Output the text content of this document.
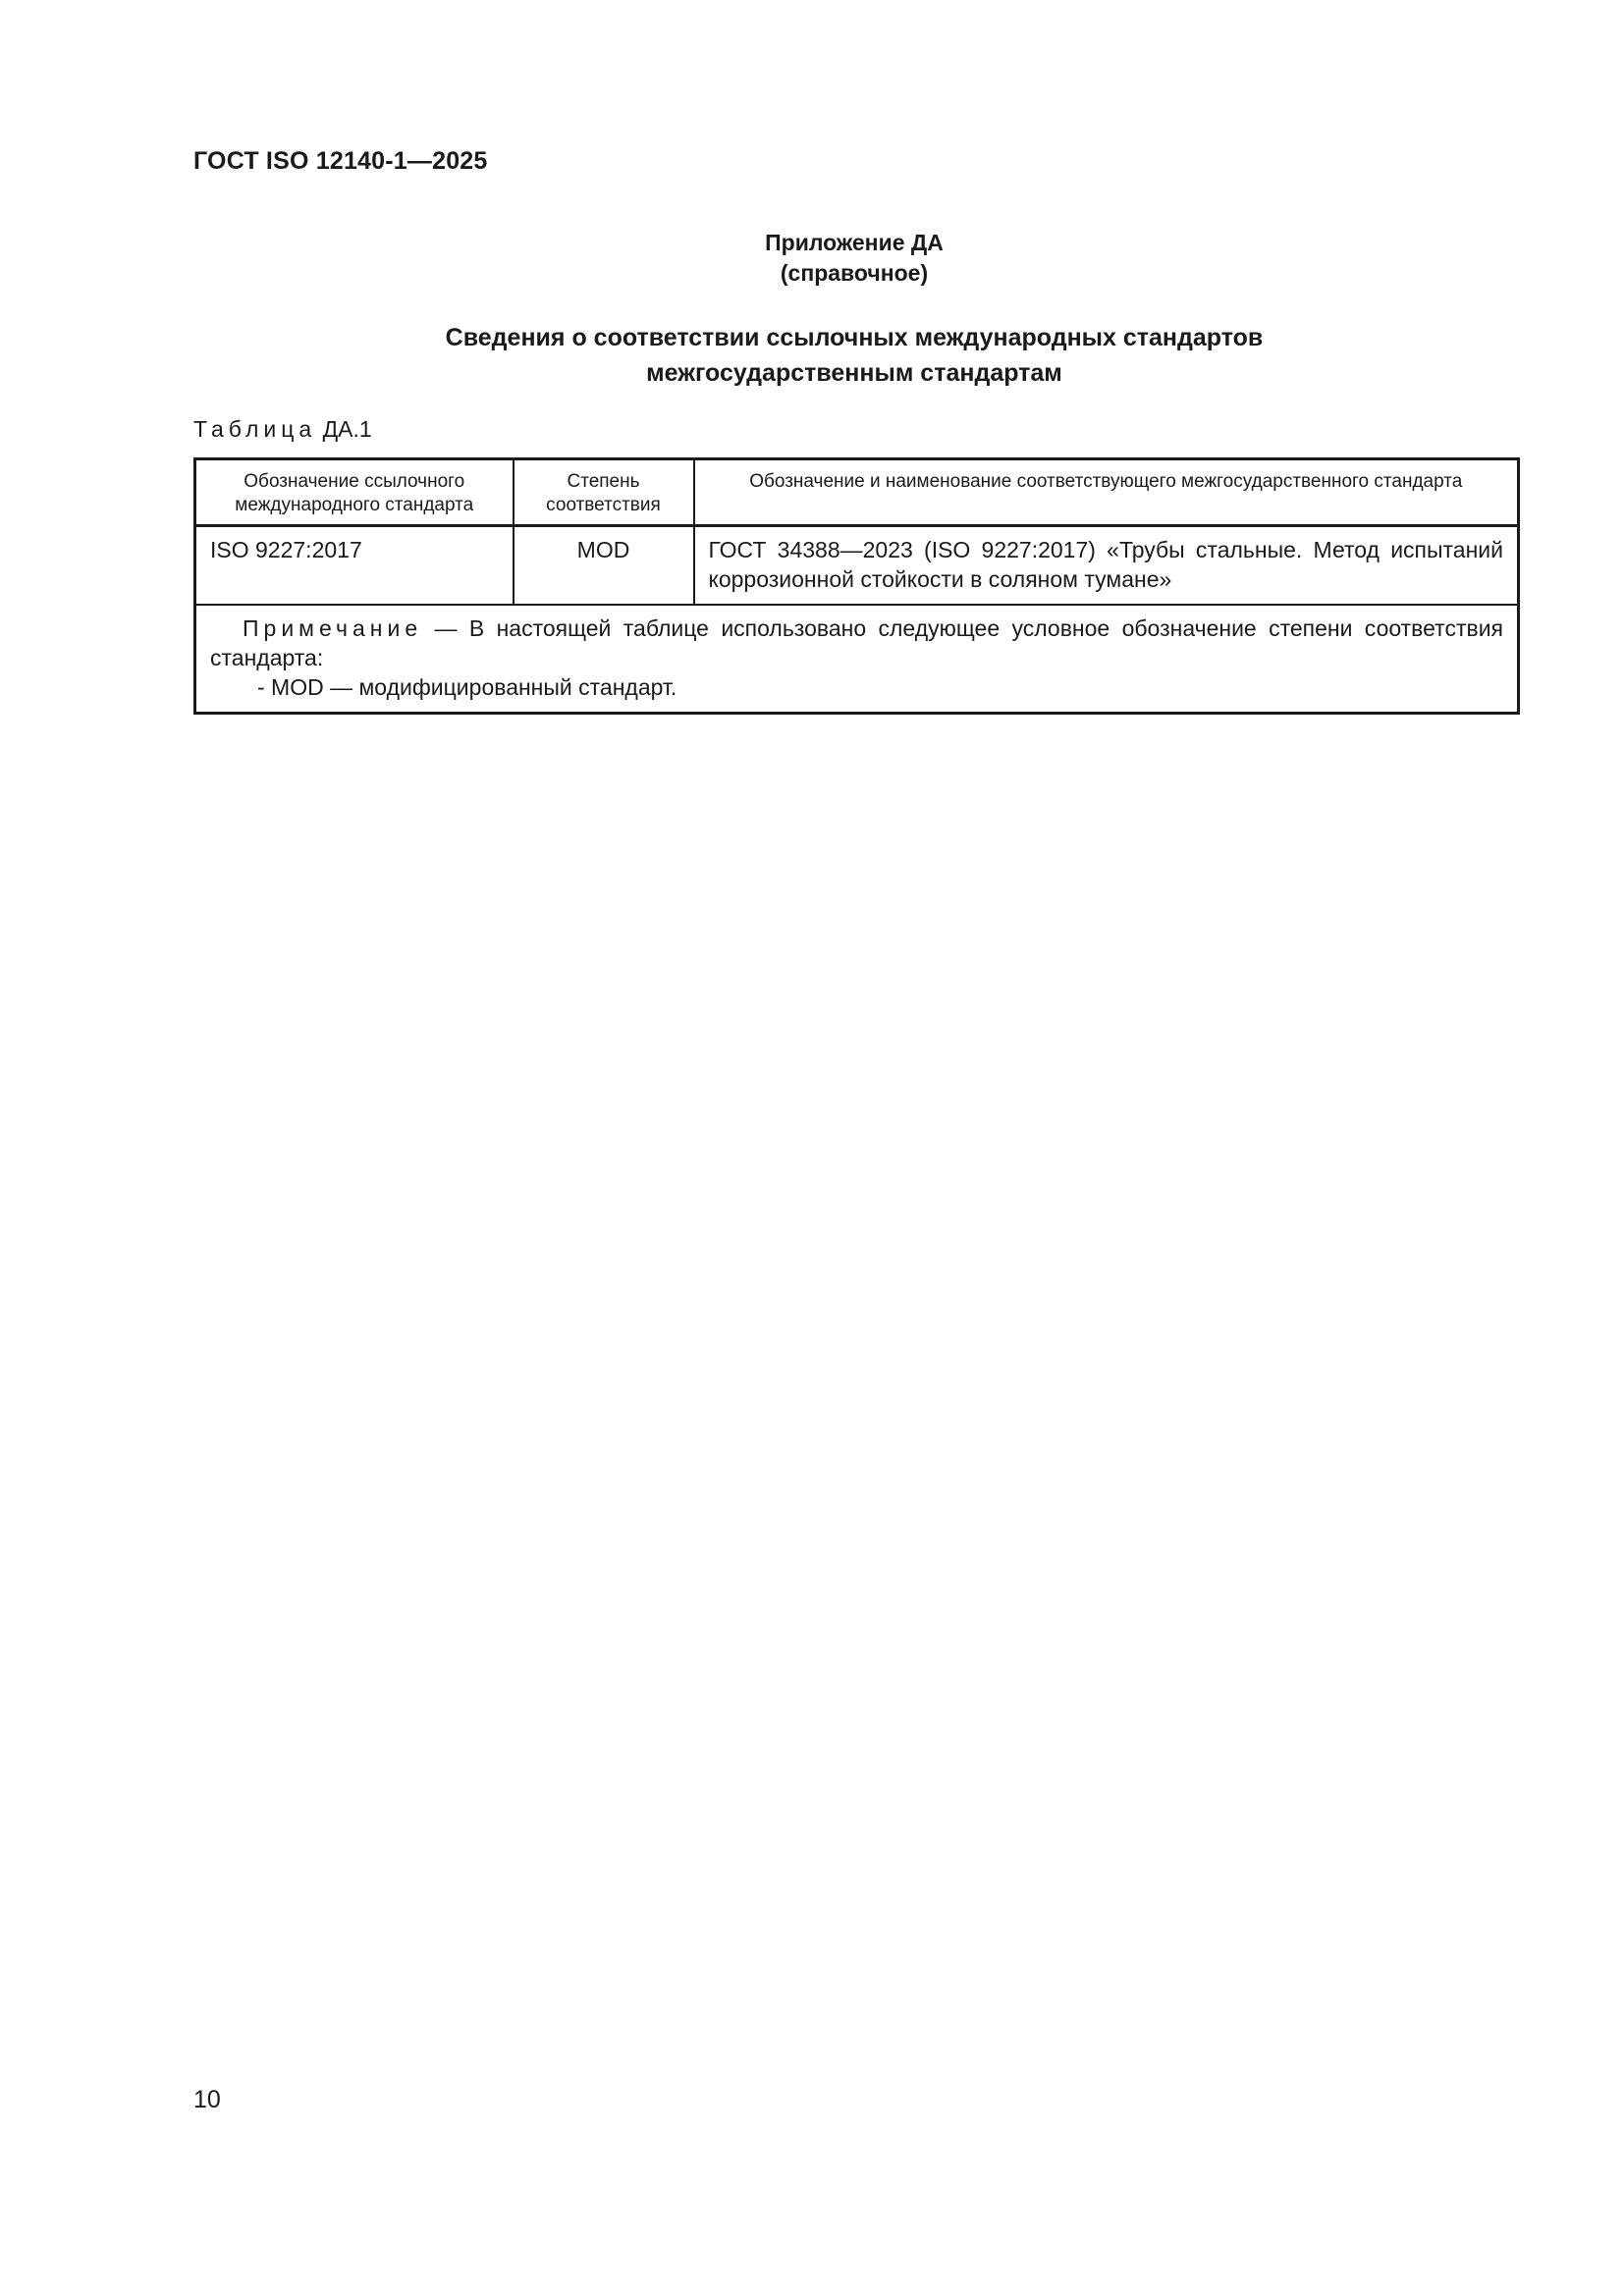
ГОСТ ISO 12140-1—2025
Приложение ДА
(справочное)
Сведения о соответствии ссылочных международных стандартов
межгосударственным стандартам
Таблица ДА.1
Обозначение ссылочного международного стандарта	Степень соответствия	Обозначение и наименование соответствующего межгосударственного стандарта
ISO 9227:2017	MOD	ГОСТ 34388—2023 (ISO 9227:2017) «Трубы стальные. Метод испытаний коррозионной стойкости в соляном тумане»
Примечание — В настоящей таблице использовано следующее условное обозначение степени соответствия стандарта:
- MOD — модифицированный стандарт.		
10
